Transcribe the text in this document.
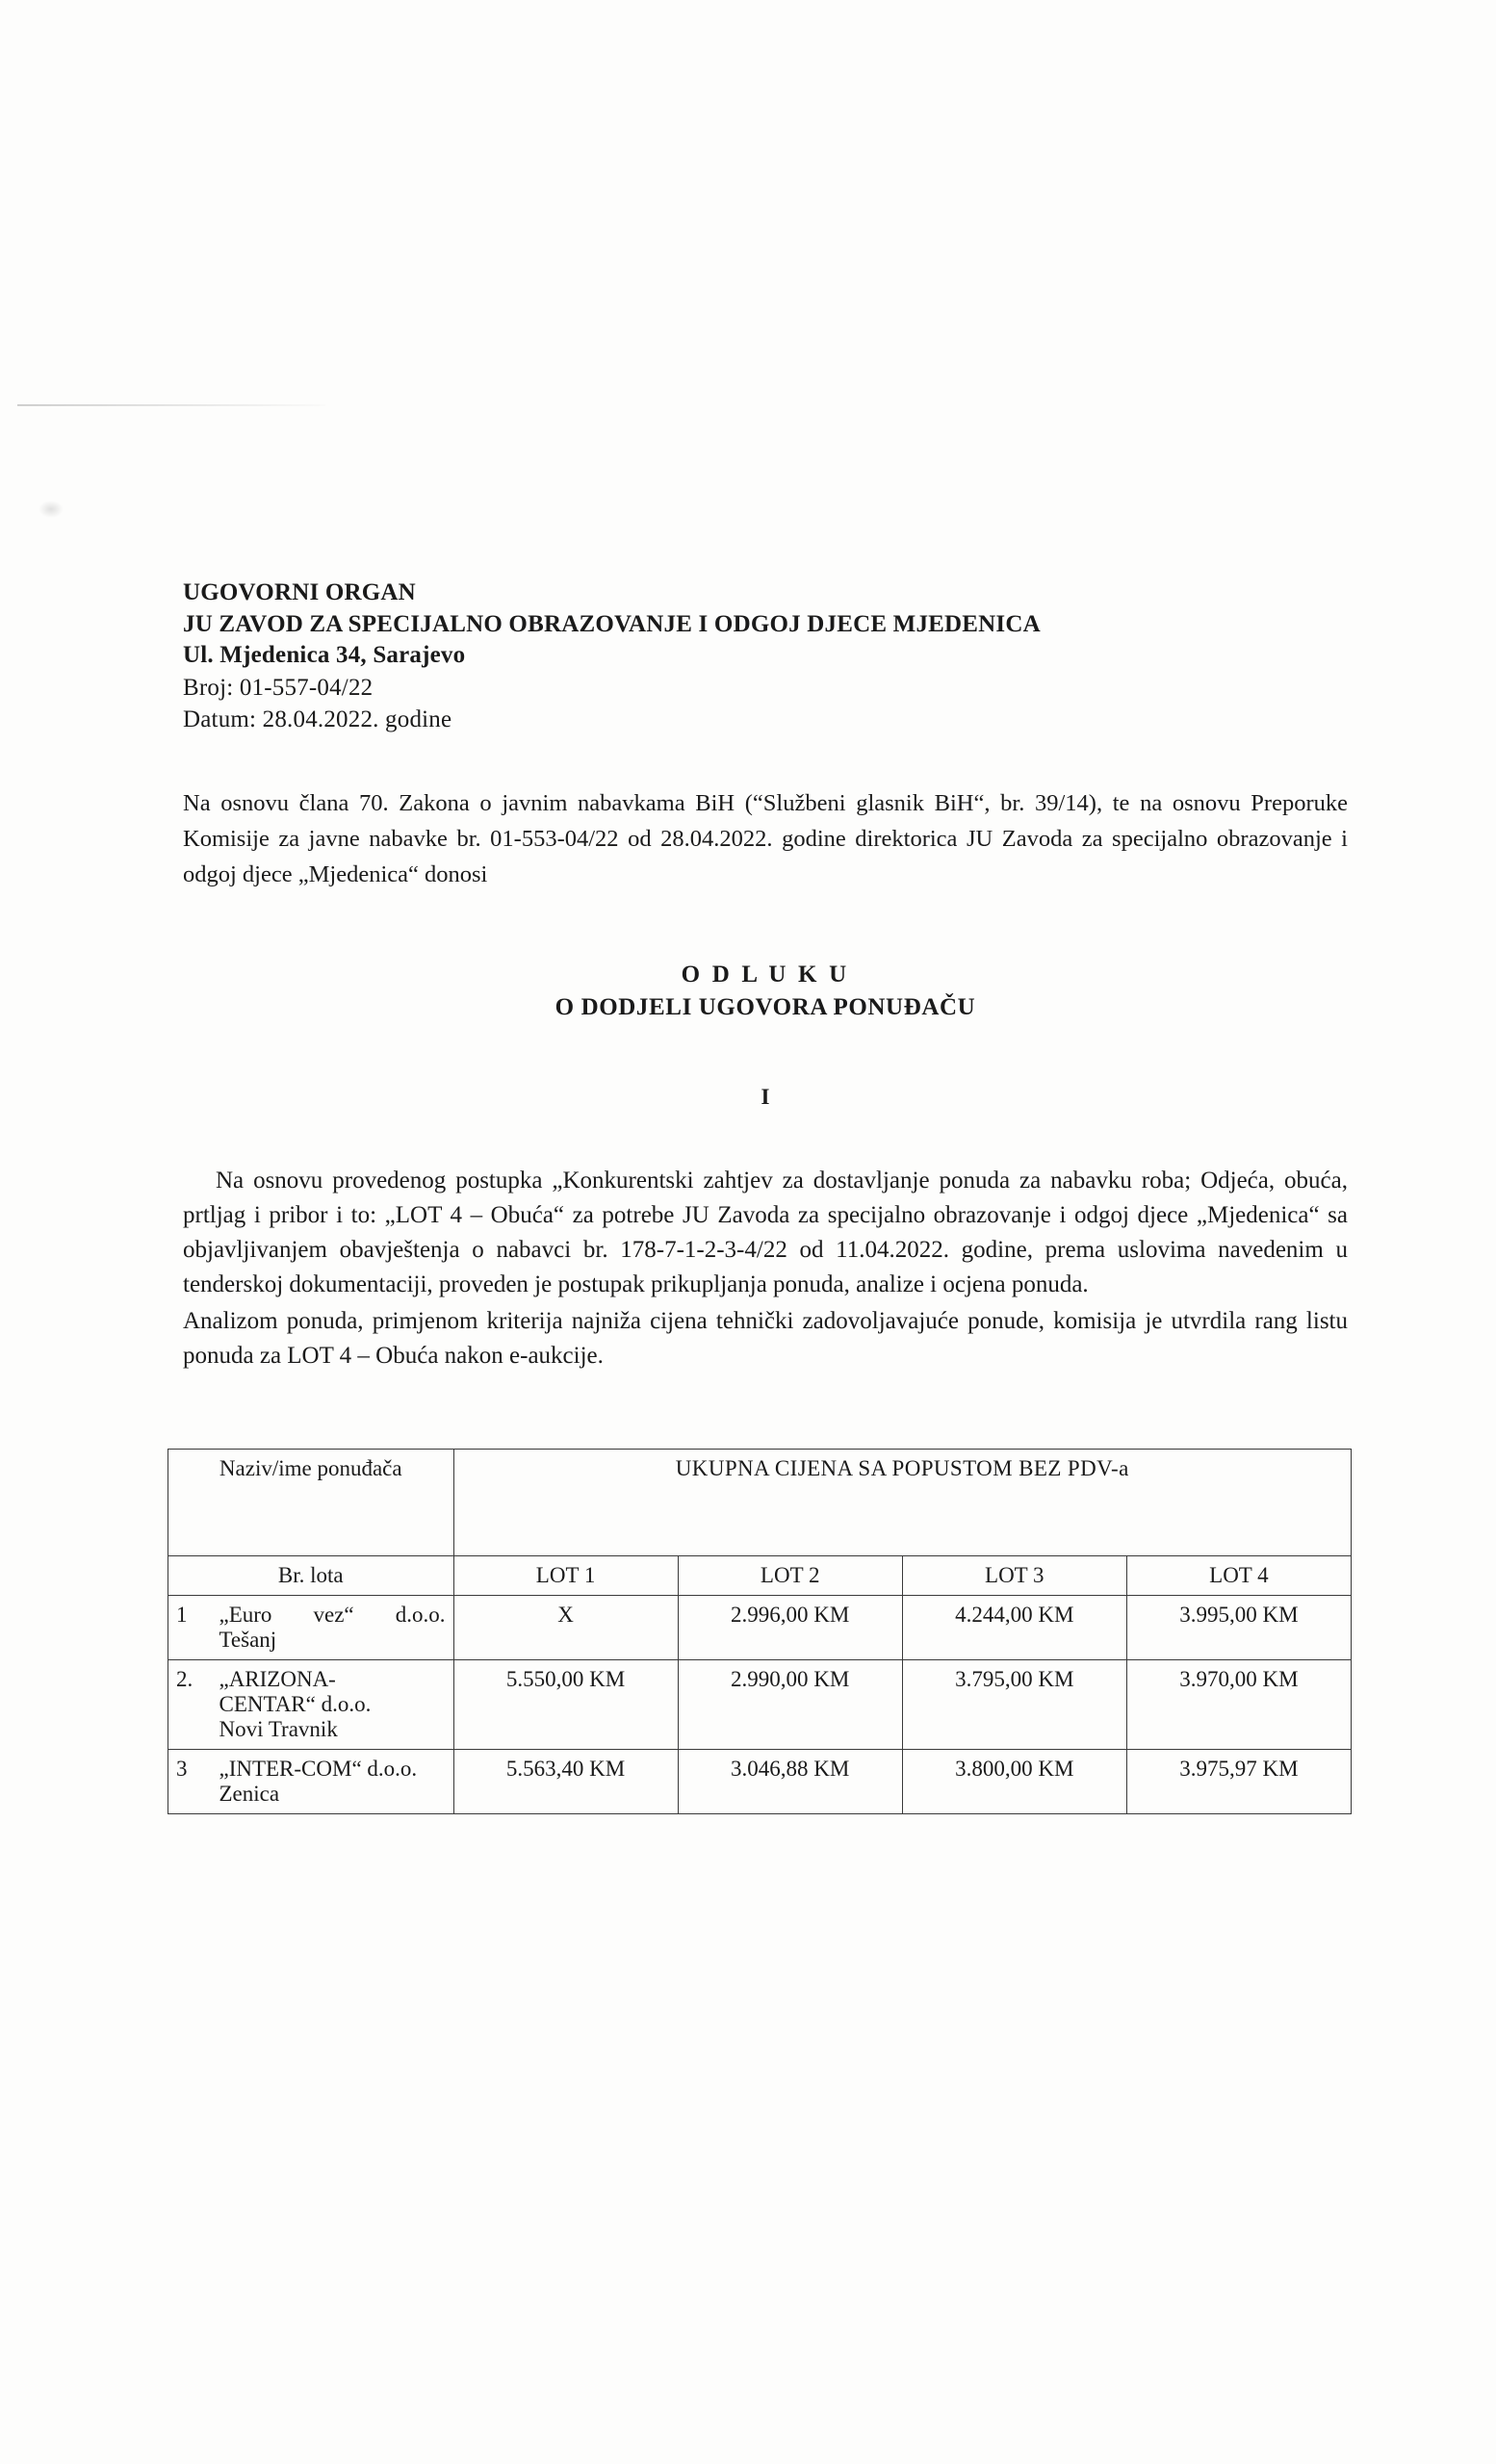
UGOVORNI ORGAN
JU ZAVOD ZA SPECIJALNO OBRAZOVANJE I ODGOJ DJECE MJEDENICA
Ul. Mjedenica 34, Sarajevo
Broj: 01-557-04/22
Datum: 28.04.2022. godine
Na osnovu člana 70. Zakona o javnim nabavkama BiH (“Službeni glasnik BiH“, br. 39/14), te na osnovu Preporuke Komisije za javne nabavke br. 01-553-04/22 od 28.04.2022. godine direktorica JU Zavoda za specijalno obrazovanje i odgoj djece „Mjedenica“ donosi
O D L U K U
O DODJELI UGOVORA PONUĐAČU
I

Na osnovu provedenog postupka „Konkurentski zahtjev za dostavljanje ponuda za nabavku roba; Odjeća, obuća, prtljag i pribor i to: „LOT 4 – Obuća“ za potrebe JU Zavoda za specijalno obrazovanje i odgoj djece „Mjedenica“ sa objavljivanjem obavještenja o nabavci br. 178-7-1-2-3-4/22 od 11.04.2022. godine, prema uslovima navedenim u tenderskoj dokumentaciji, proveden je postupak prikupljanja ponuda, analize i ocjena ponuda.

Analizom ponuda, primjenom kriterija najniža cijena tehnički zadovoljavajuće ponude, komisija je utvrdila rang listu ponuda za LOT 4 – Obuća nakon e-aukcije.

Naziv/ime ponuđača		UKUPNA CIJENA SA POPUSTOM BEZ PDV-a			
Br. lota		LOT 1	LOT 2	LOT 3	LOT 4
1	„Euro vez“ d.o.o.
Tešanj	X	2.996,00 KM	4.244,00 KM	3.995,00 KM
2.	„ARIZONA-
CENTAR“ d.o.o.
Novi Travnik	5.550,00 KM	2.990,00 KM	3.795,00 KM	3.970,00 KM
3	„INTER-COM“ d.o.o.
Zenica	5.563,40 KM	3.046,88 KM	3.800,00 KM	3.975,97 KM
